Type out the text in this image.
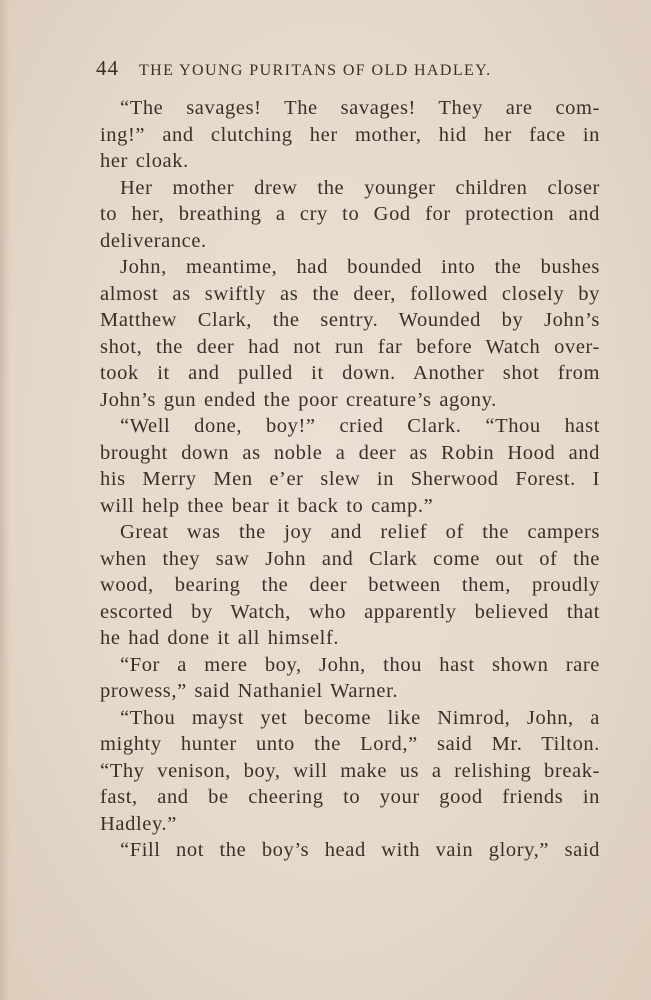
44 THE YOUNG PURITANS OF OLD HADLEY.
“The savages! The savages! They are com-
ing!” and clutching her mother, hid her face in
her cloak.
Her mother drew the younger children closer
to her, breathing a cry to God for protection and
deliverance.
John, meantime, had bounded into the bushes
almost as swiftly as the deer, followed closely by
Matthew Clark, the sentry. Wounded by John’s
shot, the deer had not run far before Watch over-
took it and pulled it down. Another shot from
John’s gun ended the poor creature’s agony.
“Well done, boy!” cried Clark. “Thou hast
brought down as noble a deer as Robin Hood and
his Merry Men e’er slew in Sherwood Forest. I
will help thee bear it back to camp.”
Great was the joy and relief of the campers
when they saw John and Clark come out of the
wood, bearing the deer between them, proudly
escorted by Watch, who apparently believed that
he had done it all himself.
“For a mere boy, John, thou hast shown rare
prowess,” said Nathaniel Warner.
“Thou mayst yet become like Nimrod, John, a
mighty hunter unto the Lord,” said Mr. Tilton.
“Thy venison, boy, will make us a relishing break-
fast, and be cheering to your good friends in
Hadley.”
“Fill not the boy’s head with vain glory,” said
